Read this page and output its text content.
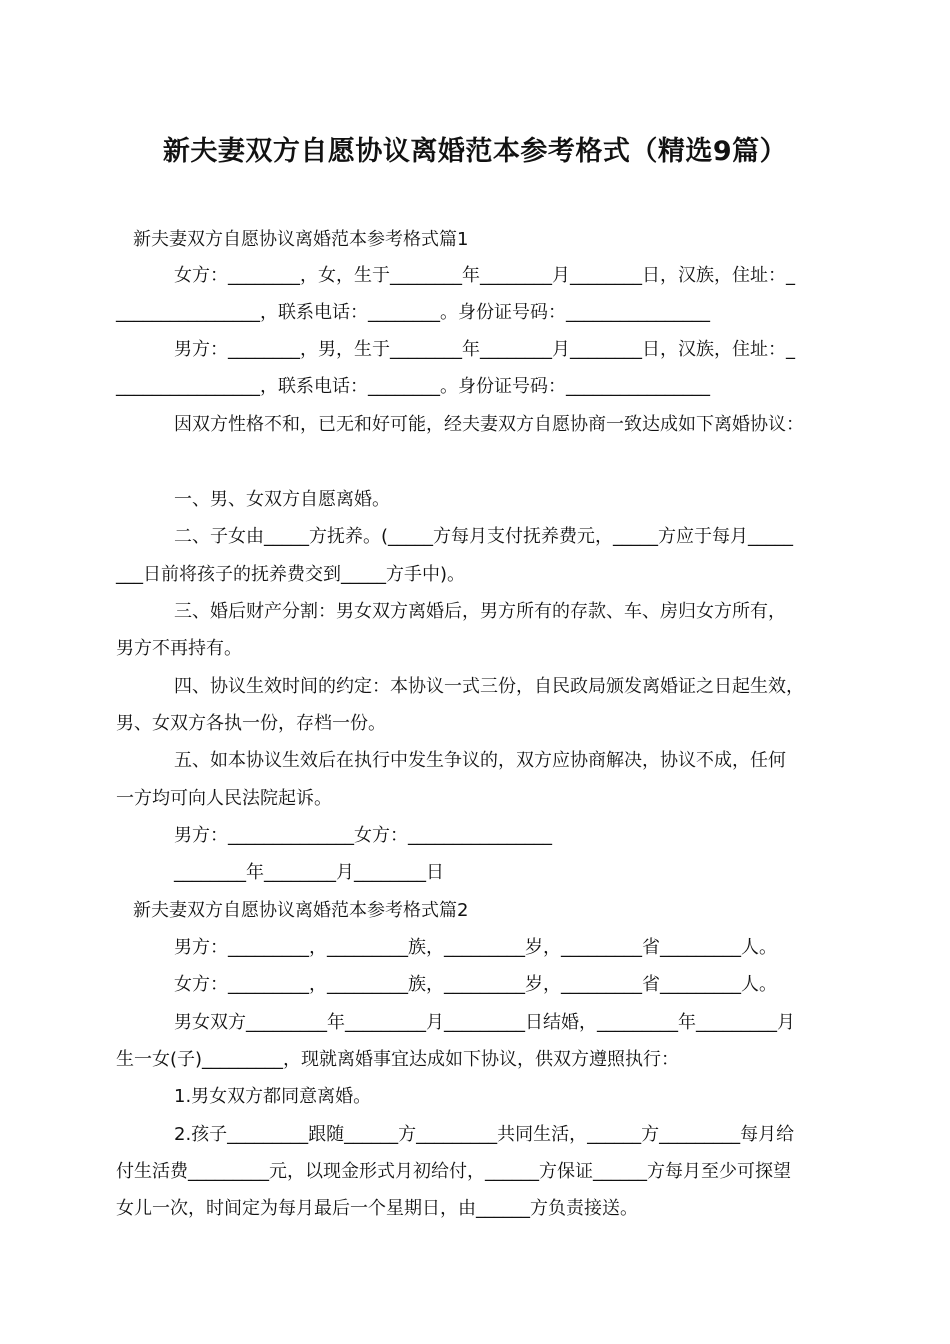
新夫妻双方自愿协议离婚范本参考格式（精选9篇）
新夫妻双方自愿协议离婚范本参考格式篇1
女方：________，女，生于________年________月________日，汉族，住址：_
________________，联系电话：________。身份证号码：________________
男方：________，男，生于________年________月________日，汉族，住址：_
________________，联系电话：________。身份证号码：________________
因双方性格不和，已无和好可能，经夫妻双方自愿协商一致达成如下离婚协议：
一、男、女双方自愿离婚。
二、子女由_____方抚养。(_____方每月支付抚养费元，_____方应于每月_____
___日前将孩子的抚养费交到_____方手中)。
三、婚后财产分割：男女双方离婚后，男方所有的存款、车、房归女方所有，
男方不再持有。
四、协议生效时间的约定：本协议一式三份，自民政局颁发离婚证之日起生效，
男、女双方各执一份，存档一份。
五、如本协议生效后在执行中发生争议的，双方应协商解决，协议不成，任何
一方均可向人民法院起诉。
男方：______________女方：________________
________年________月________日
新夫妻双方自愿协议离婚范本参考格式篇2
男方：_________，_________族，_________岁，_________省_________人。
女方：_________，_________族，_________岁，_________省_________人。
男女双方_________年_________月_________日结婚，_________年_________月
生一女(子)_________，现就离婚事宜达成如下协议，供双方遵照执行：
1.男女双方都同意离婚。
2.孩子_________跟随______方_________共同生活，______方_________每月给
付生活费_________元，以现金形式月初给付，______方保证______方每月至少可探望
女儿一次，时间定为每月最后一个星期日，由______方负责接送。
